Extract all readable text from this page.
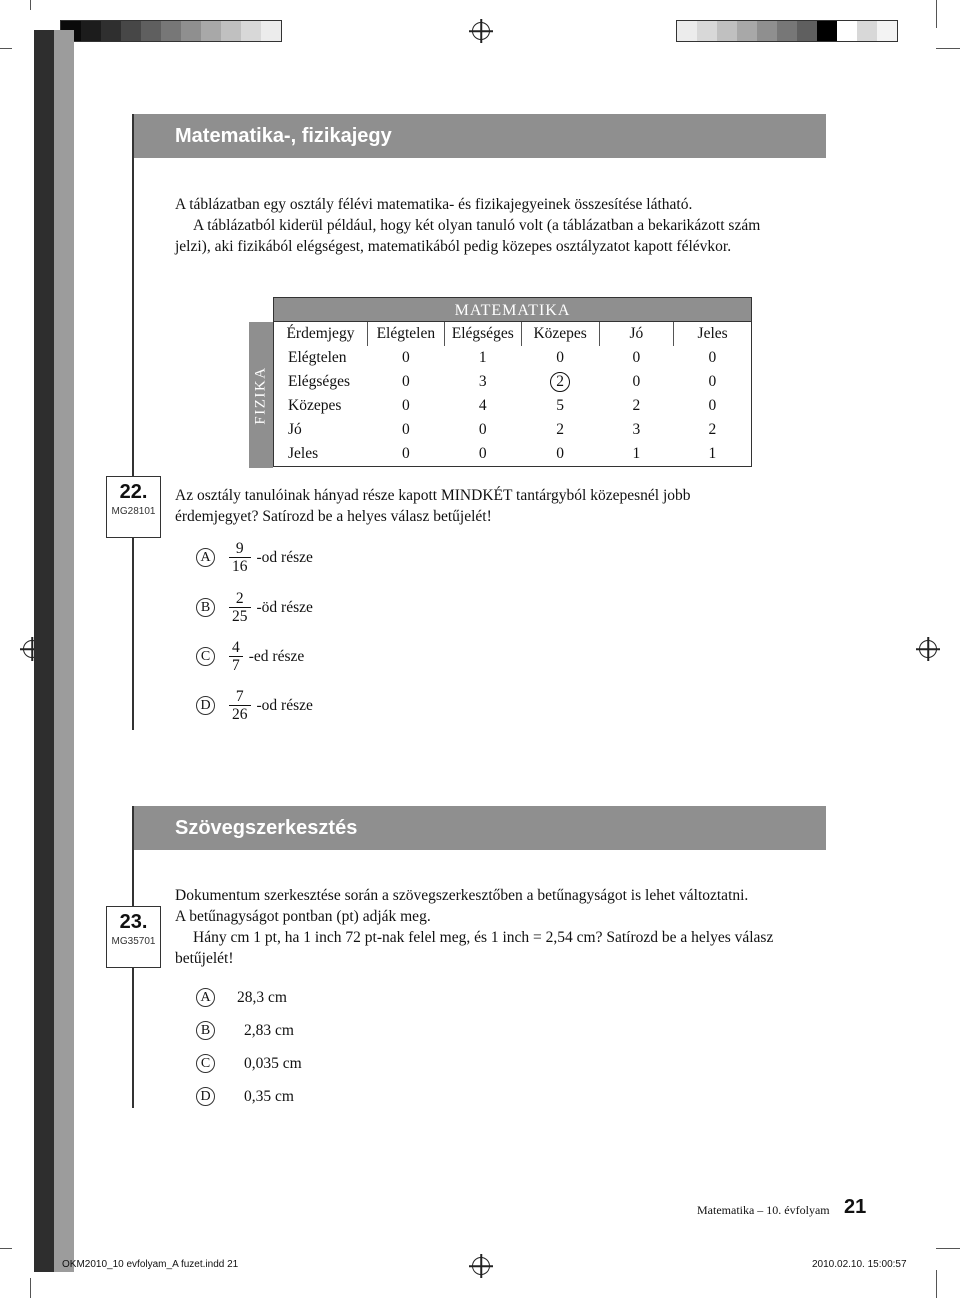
Matematika-, fizikajegy

A táblázatban egy osztály félévi matematika- és fizikajegyeinek összesítése látható.

A táblázatból kiderül például, hogy két olyan tanuló volt (a táblázatban a bekarikázott szám jelzi), aki fizikából elégségest, matematikából pedig közepes osztályzatot kapott félévkor.

FIZIKA
MATEMATIKA
Érdemjegy	Elégtelen	Elégséges	Közepes	Jó	Jeles
Elégtelen	0	1	0	0	0
Elégséges	0	3	2	0	0
Közepes	0	4	5	2	0
Jó	0	0	2	3	2
Jeles	0	0	0	1	1
22.
MG28101
Az osztály tanulóinak hányad része kapott MINDKÉT tantárgyból közepesnél jobb érdemjegyet? Satírozd be a helyes válasz betűjelét!
A $\frac{9}{16} -od$ része
B	$\frac{2}{25}$ -öd része
C	$\frac{4}{7} -ed$ része
D $\frac{7}{26} -od$ része
Szövegszerkesztés
23.
MG35701

Dokumentum szerkesztése során a szövegszerkesztőben a betűnagyságot is lehet változtatni.

A betűnagyságot pontban (pt) adják meg.

Hány cm 1 pt, ha 1 inch 72 pt-nak felel meg, és 1 inch = 2,54 cm? Satírozd be a helyes válasz betűjelét!

A 28,3 cm
B	2,83 cm
C	0,035 cm
D 0,35 cm
Matematika – 10. évfolyam 21
OKM2010_10 evfolyam_A fuzet.indd 21	2010.02.10. 15:00:57
